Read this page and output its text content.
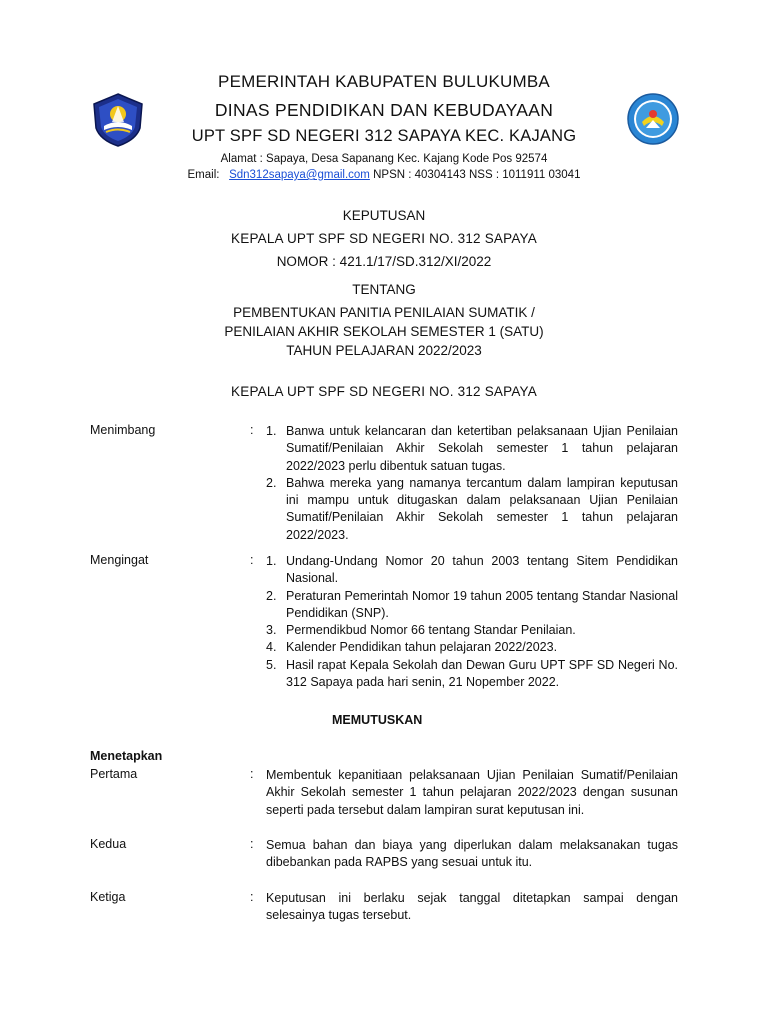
PEMERINTAH KABUPATEN BULUKUMBA
DINAS PENDIDIKAN DAN KEBUDAYAAN
UPT SPF SD NEGERI 312 SAPAYA KEC. KAJANG
Alamat : Sapaya, Desa Sapanang Kec. Kajang Kode Pos 92574
Email: Sdn312sapaya@gmail.com NPSN : 40304143 NSS : 1011911 03041
KEPUTUSAN
KEPALA UPT SPF SD NEGERI NO. 312 SAPAYA
NOMOR : 421.1/17/SD.312/XI/2022
TENTANG
PEMBENTUKAN PANITIA PENILAIAN SUMATIK /
PENILAIAN AKHIR SEKOLAH SEMESTER 1 (SATU)
TAHUN PELAJARAN 2022/2023
KEPALA UPT SPF SD NEGERI NO. 312 SAPAYA
Menimbang	: 1. Banwa untuk kelancaran dan ketertiban pelaksanaan Ujian Penilaian Sumatif/Penilaian Akhir Sekolah semester 1 tahun pelajaran 2022/2023 perlu dibentuk satuan tugas.
2. Bahwa mereka yang namanya tercantum dalam lampiran keputusan ini mampu untuk ditugaskan dalam pelaksanaan Ujian Penilaian Sumatif/Penilaian Akhir Sekolah semester 1 tahun pelajaran 2022/2023.
Mengingat	: 1. Undang-Undang Nomor 20 tahun 2003 tentang Sitem Pendidikan Nasional.
2. Peraturan Pemerintah Nomor 19 tahun 2005 tentang Standar Nasional Pendidikan (SNP).
3. Permendikbud Nomor 66 tentang Standar Penilaian.
4. Kalender Pendidikan tahun pelajaran 2022/2023.
5. Hasil rapat Kepala Sekolah dan Dewan Guru UPT SPF SD Negeri No. 312 Sapaya pada hari senin, 21 Nopember 2022.
MEMUTUSKAN
Menetapkan
Pertama	: Membentuk kepanitiaan pelaksanaan Ujian Penilaian Sumatif/Penilaian Akhir Sekolah semester 1 tahun pelajaran 2022/2023 dengan susunan seperti pada tersebut dalam lampiran surat keputusan ini.
Kedua	: Semua bahan dan biaya yang diperlukan dalam melaksanakan tugas dibebankan pada RAPBS yang sesuai untuk itu.
Ketiga	: Keputusan ini berlaku sejak tanggal ditetapkan sampai dengan     selesainya tugas tersebut.
